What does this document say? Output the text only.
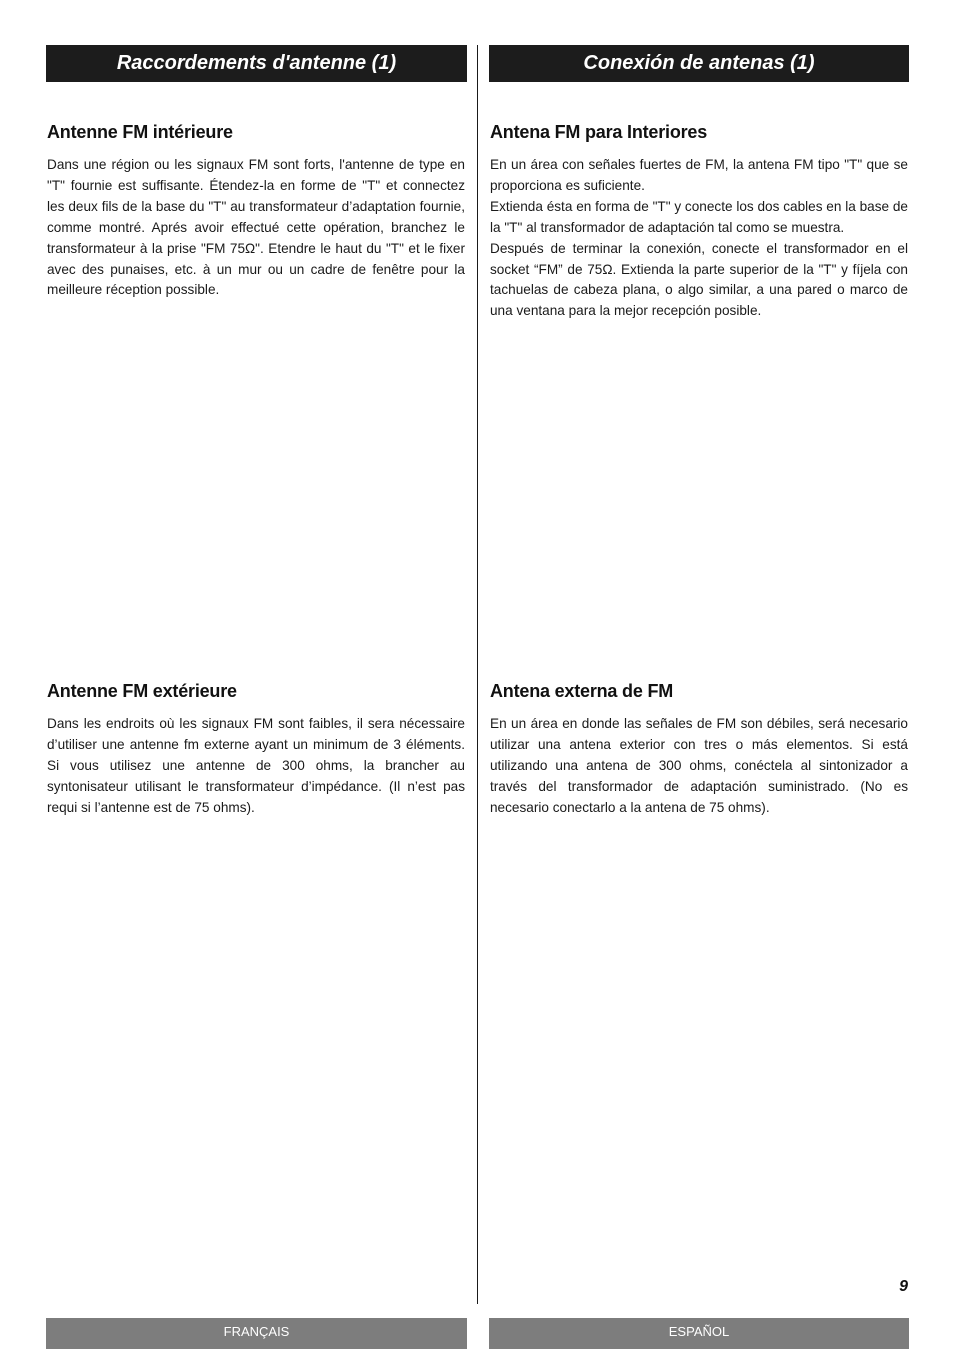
Raccordements d'antenne (1)	Conexión de antenas (1)
Antenne FM intérieure

Dans une région ou les signaux FM sont forts, l'antenne de type en "T" fournie est suffisante. Étendez-la en forme de "T" et connectez les deux fils de la base du "T" au transformateur d’adaptation fournie, comme montré. Aprés avoir effectué cette opération, branchez le transformateur à la prise "FM 75Ω". Etendre le haut du "T" et le fixer avec des punaises, etc. à un mur ou un cadre de fenêtre pour la meilleure réception possible.

Antenne FM extérieure

Dans les endroits où les signaux FM sont faibles, il sera nécessaire d’utiliser une antenne fm externe ayant un minimum de 3 éléments. Si vous utilisez une antenne de 300 ohms, la brancher au syntonisateur utilisant le transformateur d’impédance. (Il n’est pas requi si l’antenne est de 75 ohms).

Antena FM para Interiores

En un área con señales fuertes de FM, la antena FM tipo "T" que se proporciona es suficiente.

Extienda ésta en forma de "T" y conecte los dos cables en la base de la "T" al transformador de adaptación tal como se muestra.

Después de terminar la conexión, conecte el transformador en el socket “FM” de 75Ω. Extienda la parte superior de la "T" y fíjela con tachuelas de cabeza plana, o algo similar, a una pared o marco de una ventana para la mejor recepción posible.

Antena externa de FM

En un área en donde las señales de FM son débiles, será necesario utilizar una antena exterior con tres o más elementos. Si está utilizando una antena de 300 ohms, conéctela al sintonizador a través del transformador de adaptación suministrado. (No es necesario conectarlo a la antena de 75 ohms).

9
FRANÇAIS	ESPAÑOL
